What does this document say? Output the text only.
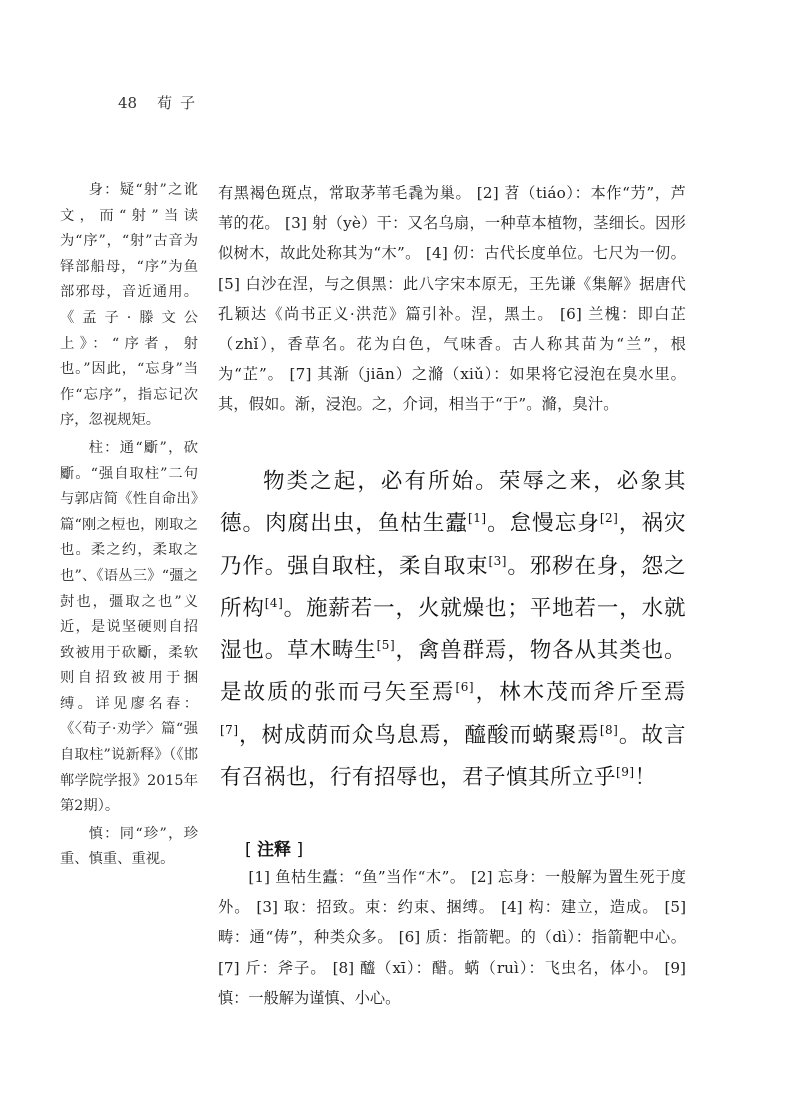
48 荀子

身：疑“射”之讹文，而“射”当读为“序”，“射”古音为铎部船母，“序”为鱼部邪母，音近通用。《孟子·滕文公上》：“序者，射也。”因此，“忘身”当作“忘序”，指忘记次序，忽视规矩。

柱：通“斸”，砍斸。“强自取柱”二句与郭店简《性自命出》篇“刚之梪也，刚取之也。柔之约，柔取之也”、《语丛三》“彊之尌也，彊取之也”义近，是说坚硬则自招致被用于砍斸，柔软则自招致被用于捆缚。详见廖名春：《〈荀子·劝学〉篇“强自取柱”说新释》（《邯郸学院学报》2015年第2期）。

慎：同“珍”，珍重、慎重、重视。

有黑褐色斑点，常取茅苇毛毳为巢。 [2] 苕（tiáo）：本作“芀”，芦苇的花。 [3] 射（yè）干：又名乌扇，一种草本植物，茎细长。因形似树木，故此处称其为“木”。 [4] 仞：古代长度单位。七尺为一仞。 [5] 白沙在涅，与之俱黑：此八字宋本原无，王先谦《集解》据唐代孔颖达《尚书正义·洪范》篇引补。涅，黑土。 [6] 兰槐：即白芷（zhǐ），香草名。花为白色，气味香。古人称其苗为“兰”，根为“芷”。 [7] 其渐（jiān）之滫（xiǔ）：如果将它浸泡在臭水里。其，假如。渐，浸泡。之，介词，相当于“于”。滫，臭汁。

物类之起，必有所始。荣辱之来，必象其德。肉腐出虫，鱼枯生蠹[1]。怠慢忘身[2]，祸灾乃作。强自取柱，柔自取束[3]。邪秽在身，怨之所构[4]。施薪若一，火就燥也；平地若一，水就湿也。草木畴生[5]，禽兽群焉，物各从其类也。是故质的张而弓矢至焉[6]，林木茂而斧斤至焉[7]，树成荫而众鸟息焉，醯酸而蜹聚焉[8]。故言有召祸也，行有招辱也，君子慎其所立乎[9]！

[ 注释 ]

[1] 鱼枯生蠹：“鱼”当作“木”。 [2] 忘身：一般解为置生死于度外。 [3] 取：招致。束：约束、捆缚。 [4] 构：建立，造成。 [5] 畴：通“俦”，种类众多。 [6] 质：指箭靶。的（dì）：指箭靶中心。 [7] 斤：斧子。 [8] 醯（xī）：醋。蜹（ruì）：飞虫名，体小。 [9] 慎：一般解为谨慎、小心。
